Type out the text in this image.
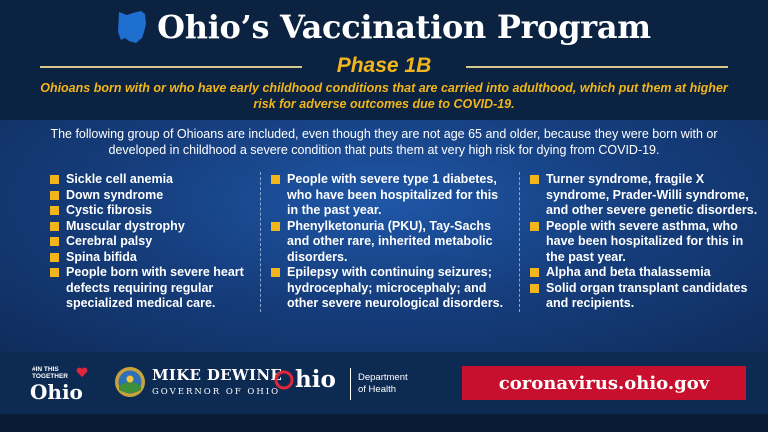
Ohio’s Vaccination Program
Phase 1B
Ohioans born with or who have early childhood conditions that are carried into adulthood, which put them at higher risk for adverse outcomes due to COVID-19.
The following group of Ohioans are included, even though they are not age 65 and older, because they were born with or developed in childhood a severe condition that puts them at very high risk for dying from COVID-19.
Sickle cell anemia
Down syndrome
Cystic fibrosis
Muscular dystrophy
Cerebral palsy
Spina bifida
People born with severe heart defects requiring regular specialized medical care.
People with severe type 1 diabetes, who have been hospitalized for this in the past year.
Phenylketonuria (PKU), Tay-Sachs and other rare, inherited metabolic disorders.
Epilepsy with continuing seizures; hydrocephaly; microcephaly; and other severe neurological disorders.
Turner syndrome, fragile X syndrome, Prader-Willi syndrome, and other severe genetic disorders.
People with severe asthma, who have been hospitalized for this in the past year.
Alpha and beta thalassemia
Solid organ transplant candidates and recipients.
#IN THIS TOGETHER
Ohio
MIKE DEWINE
GOVERNOR OF OHIO hio Department
of Health	coronavirus.ohio.gov
